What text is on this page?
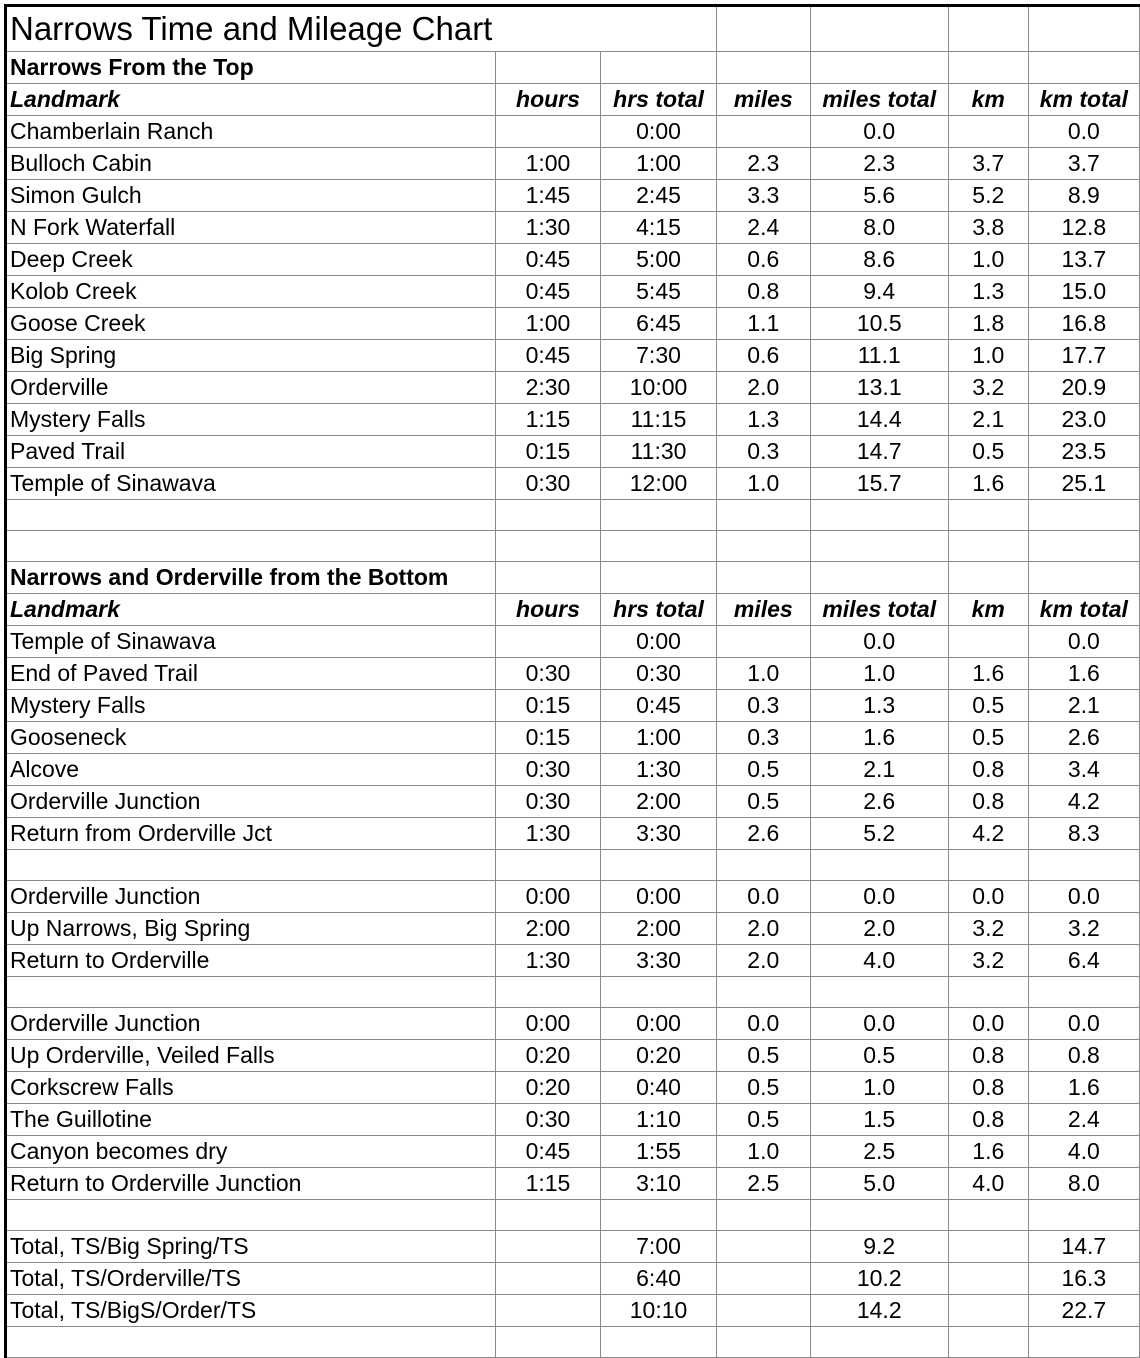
Narrows Time and Mileage Chart						
Narrows From the Top						
Landmark	hours	hrs total	miles	miles total	km	km total
Chamberlain Ranch		0:00		0.0		0.0
Bulloch Cabin	1:00	1:00	2.3	2.3	3.7	3.7
Simon Gulch	1:45	2:45	3.3	5.6	5.2	8.9
N Fork Waterfall	1:30	4:15	2.4	8.0	3.8	12.8
Deep Creek	0:45	5:00	0.6	8.6	1.0	13.7
Kolob Creek	0:45	5:45	0.8	9.4	1.3	15.0
Goose Creek	1:00	6:45	1.1	10.5	1.8	16.8
Big Spring	0:45	7:30	0.6	11.1	1.0	17.7
Orderville	2:30	10:00	2.0	13.1	3.2	20.9
Mystery Falls	1:15	11:15	1.3	14.4	2.1	23.0
Paved Trail	0:15	11:30	0.3	14.7	0.5	23.5
Temple of Sinawava	0:30	12:00	1.0	15.7	1.6	25.1

Narrows and Orderville from the Bottom						
Landmark	hours	hrs total	miles	miles total	km	km total
Temple of Sinawava		0:00		0.0		0.0
End of Paved Trail	0:30	0:30	1.0	1.0	1.6	1.6
Mystery Falls	0:15	0:45	0.3	1.3	0.5	2.1
Gooseneck	0:15	1:00	0.3	1.6	0.5	2.6
Alcove	0:30	1:30	0.5	2.1	0.8	3.4
Orderville Junction	0:30	2:00	0.5	2.6	0.8	4.2
Return from Orderville Jct	1:30	3:30	2.6	5.2	4.2	8.3

Orderville Junction	0:00	0:00	0.0	0.0	0.0	0.0
Up Narrows, Big Spring	2:00	2:00	2.0	2.0	3.2	3.2
Return to Orderville	1:30	3:30	2.0	4.0	3.2	6.4

Orderville Junction	0:00	0:00	0.0	0.0	0.0	0.0
Up Orderville, Veiled Falls	0:20	0:20	0.5	0.5	0.8	0.8
Corkscrew Falls	0:20	0:40	0.5	1.0	0.8	1.6
The Guillotine	0:30	1:10	0.5	1.5	0.8	2.4
Canyon becomes dry	0:45	1:55	1.0	2.5	1.6	4.0
Return to Orderville Junction	1:15	3:10	2.5	5.0	4.0	8.0

Total, TS/Big Spring/TS		7:00		9.2		14.7
Total, TS/Orderville/TS		6:40		10.2		16.3
Total, TS/BigS/Order/TS		10:10		14.2		22.7
